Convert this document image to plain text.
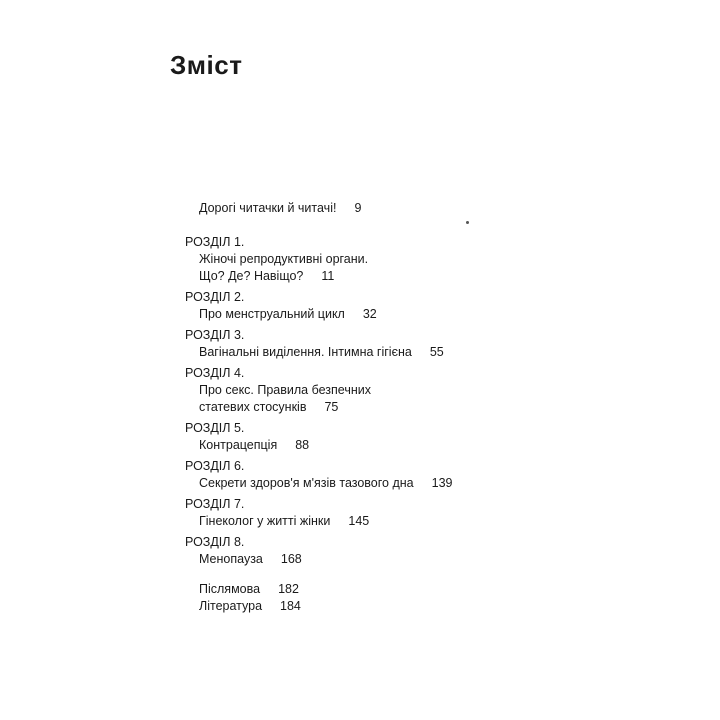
Зміст
Дорогі читачки й читачі! 9
РОЗДІЛ 1.
Жіночі репродуктивні органи.
Що? Де? Навіщо? 11
РОЗДІЛ 2.
Про менструальний цикл 32
РОЗДІЛ 3.
Вагінальні виділення. Інтимна гігієна 55
РОЗДІЛ 4.
Про секс. Правила безпечних
статевих стосунків 75
РОЗДІЛ 5.
Контрацепція 88
РОЗДІЛ 6.
Секрети здоров'я м'язів тазового дна 139
РОЗДІЛ 7.
Гінеколог у житті жінки 145
РОЗДІЛ 8.
Менопауза 168
Післямова 182
Література 184
